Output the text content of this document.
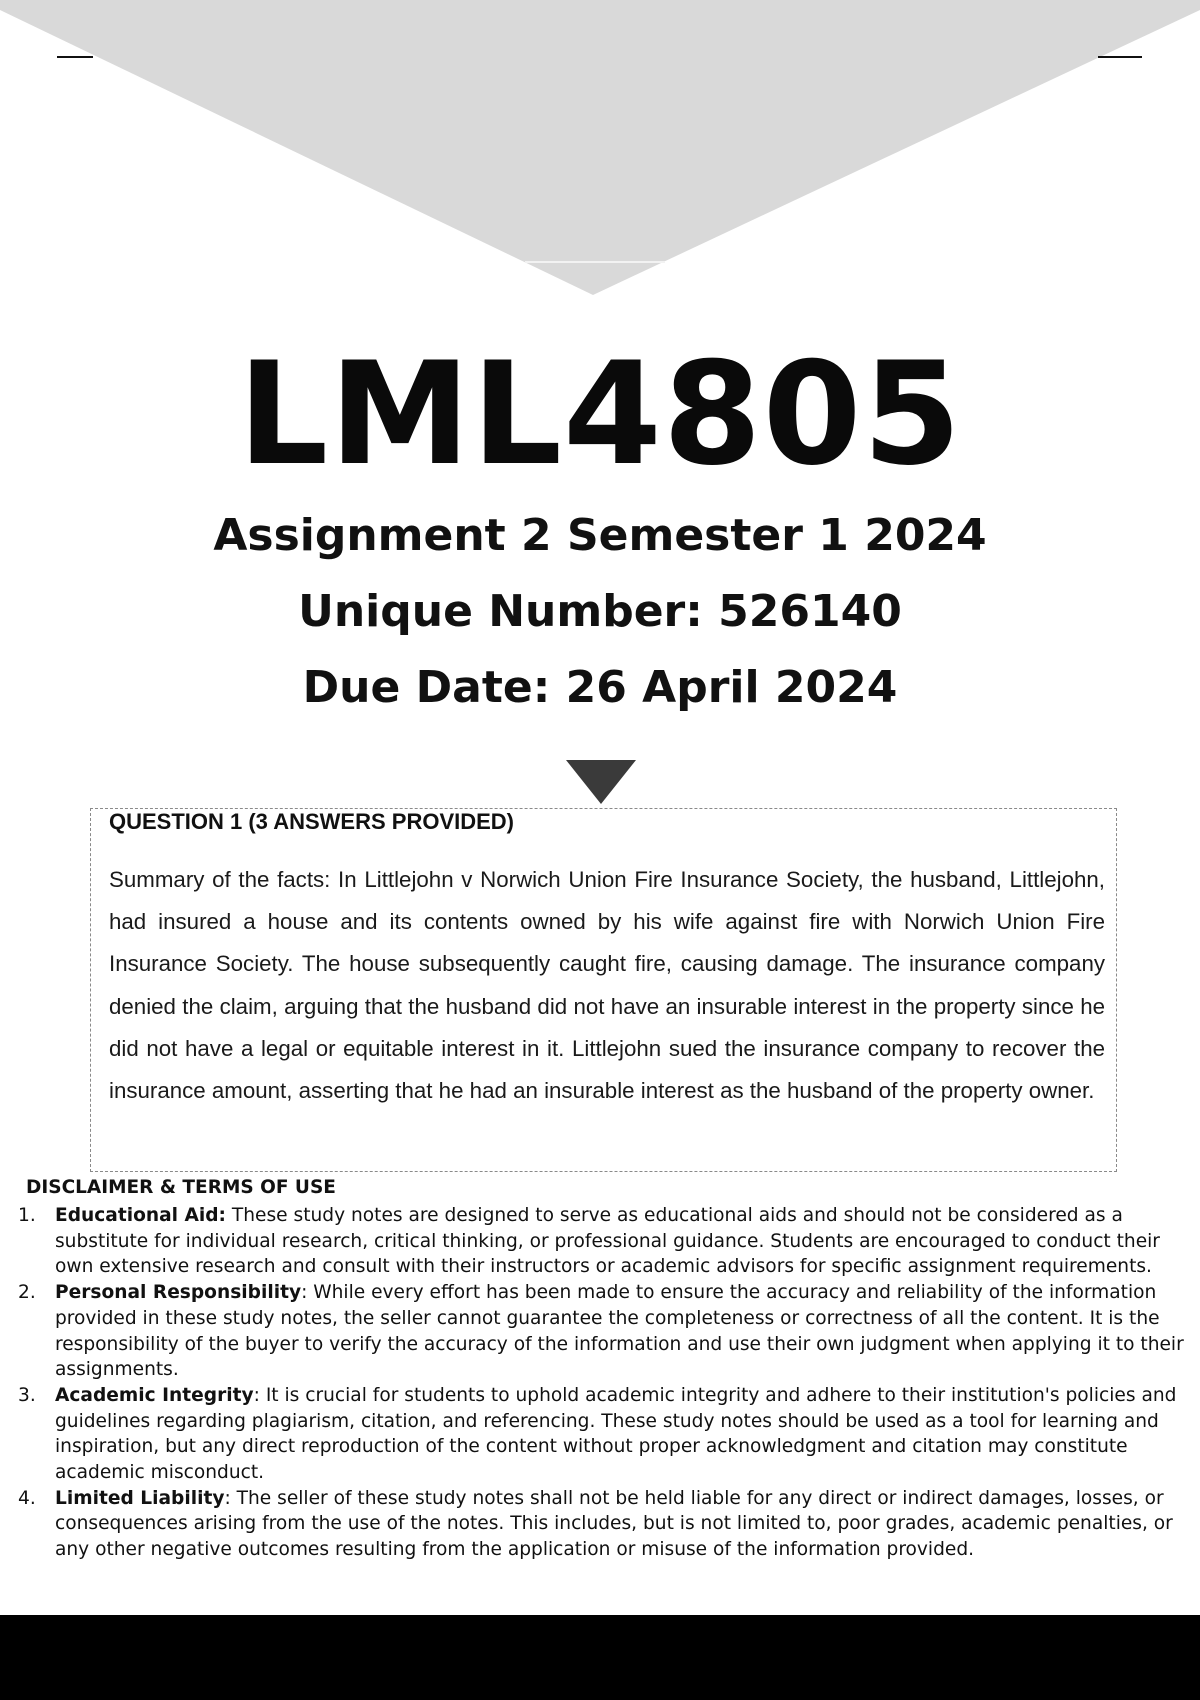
LML4805
Assignment 2 Semester 1 2024
Unique Number: 526140
Due Date: 26 April 2024
QUESTION 1 (3 ANSWERS PROVIDED)
Summary of the facts: In Littlejohn v Norwich Union Fire Insurance Society, the husband, Littlejohn, had insured a house and its contents owned by his wife against fire with Norwich Union Fire Insurance Society. The house subsequently caught fire, causing damage. The insurance company denied the claim, arguing that the husband did not have an insurable interest in the property since he did not have a legal or equitable interest in it. Littlejohn sued the insurance company to recover the insurance amount, asserting that he had an insurable interest as the husband of the property owner.
DISCLAIMER & TERMS OF USE
1. Educational Aid: These study notes are designed to serve as educational aids and should not be considered as a substitute for individual research, critical thinking, or professional guidance. Students are encouraged to conduct their own extensive research and consult with their instructors or academic advisors for specific assignment requirements.
2. Personal Responsibility: While every effort has been made to ensure the accuracy and reliability of the information provided in these study notes, the seller cannot guarantee the completeness or correctness of all the content. It is the responsibility of the buyer to verify the accuracy of the information and use their own judgment when applying it to their assignments.
3. Academic Integrity: It is crucial for students to uphold academic integrity and adhere to their institution's policies and guidelines regarding plagiarism, citation, and referencing. These study notes should be used as a tool for learning and inspiration, but any direct reproduction of the content without proper acknowledgment and citation may constitute academic misconduct.
4. Limited Liability: The seller of these study notes shall not be held liable for any direct or indirect damages, losses, or consequences arising from the use of the notes. This includes, but is not limited to, poor grades, academic penalties, or any other negative outcomes resulting from the application or misuse of the information provided.
